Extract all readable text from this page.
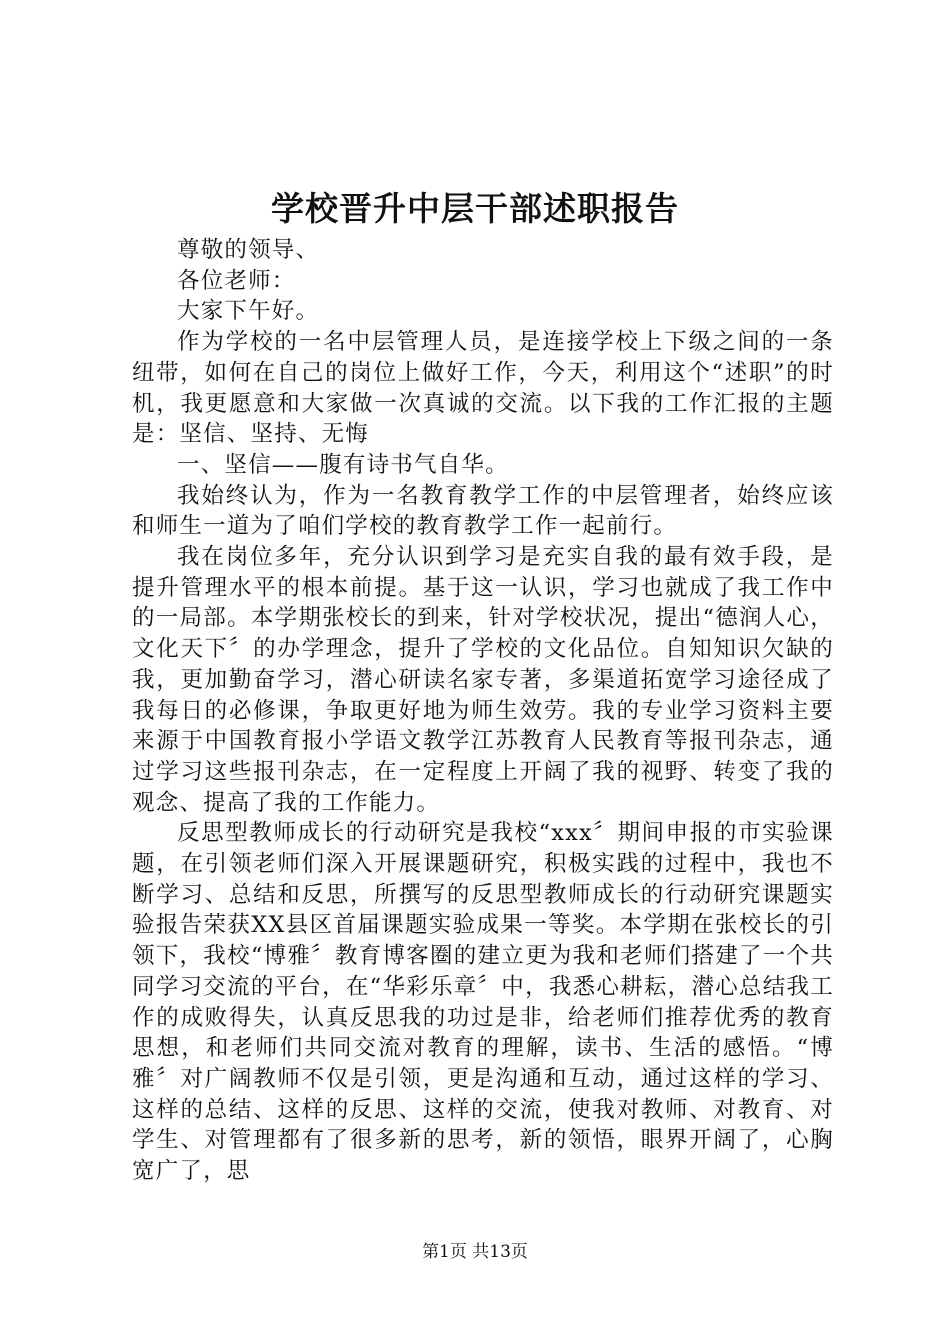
学校晋升中层干部述职报告

尊敬的领导、

各位老师：

大家下午好。

作为学校的一名中层管理人员，是连接学校上下级之间的一条纽带，如何在自己的岗位上做好工作，今天，利用这个“述职”的时机，我更愿意和大家做一次真诚的交流。以下我的工作汇报的主题是：坚信、坚持、无悔

一、坚信——腹有诗书气自华。

我始终认为，作为一名教育教学工作的中层管理者，始终应该和师生一道为了咱们学校的教育教学工作一起前行。

我在岗位多年，充分认识到学习是充实自我的最有效手段，是提升管理水平的根本前提。基于这一认识，学习也就成了我工作中的一局部。本学期张校长的到来，针对学校状况，提出“德润人心，文化天下〞的办学理念，提升了学校的文化品位。自知知识欠缺的我，更加勤奋学习，潜心研读名家专著，多渠道拓宽学习途径成了我每日的必修课，争取更好地为师生效劳。我的专业学习资料主要来源于中国教育报小学语文教学江苏教育人民教育等报刊杂志，通过学习这些报刊杂志，在一定程度上开阔了我的视野、转变了我的观念、提高了我的工作能力。

反思型教师成长的行动研究是我校“xxx〞期间申报的市实验课题，在引领老师们深入开展课题研究，积极实践的过程中，我也不断学习、总结和反思，所撰写的反思型教师成长的行动研究课题实验报告荣获XX县区首届课题实验成果一等奖。本学期在张校长的引领下，我校“博雅〞教育博客圈的建立更为我和老师们搭建了一个共同学习交流的平台，在“华彩乐章〞中，我悉心耕耘，潜心总结我工作的成败得失，认真反思我的功过是非，给老师们推荐优秀的教育思想，和老师们共同交流对教育的理解，读书、生活的感悟。“博雅〞对广阔教师不仅是引领，更是沟通和互动，通过这样的学习、这样的总结、这样的反思、这样的交流，使我对教师、对教育、对学生、对管理都有了很多新的思考，新的领悟，眼界开阔了，心胸宽广了，思

第1页 共13页
